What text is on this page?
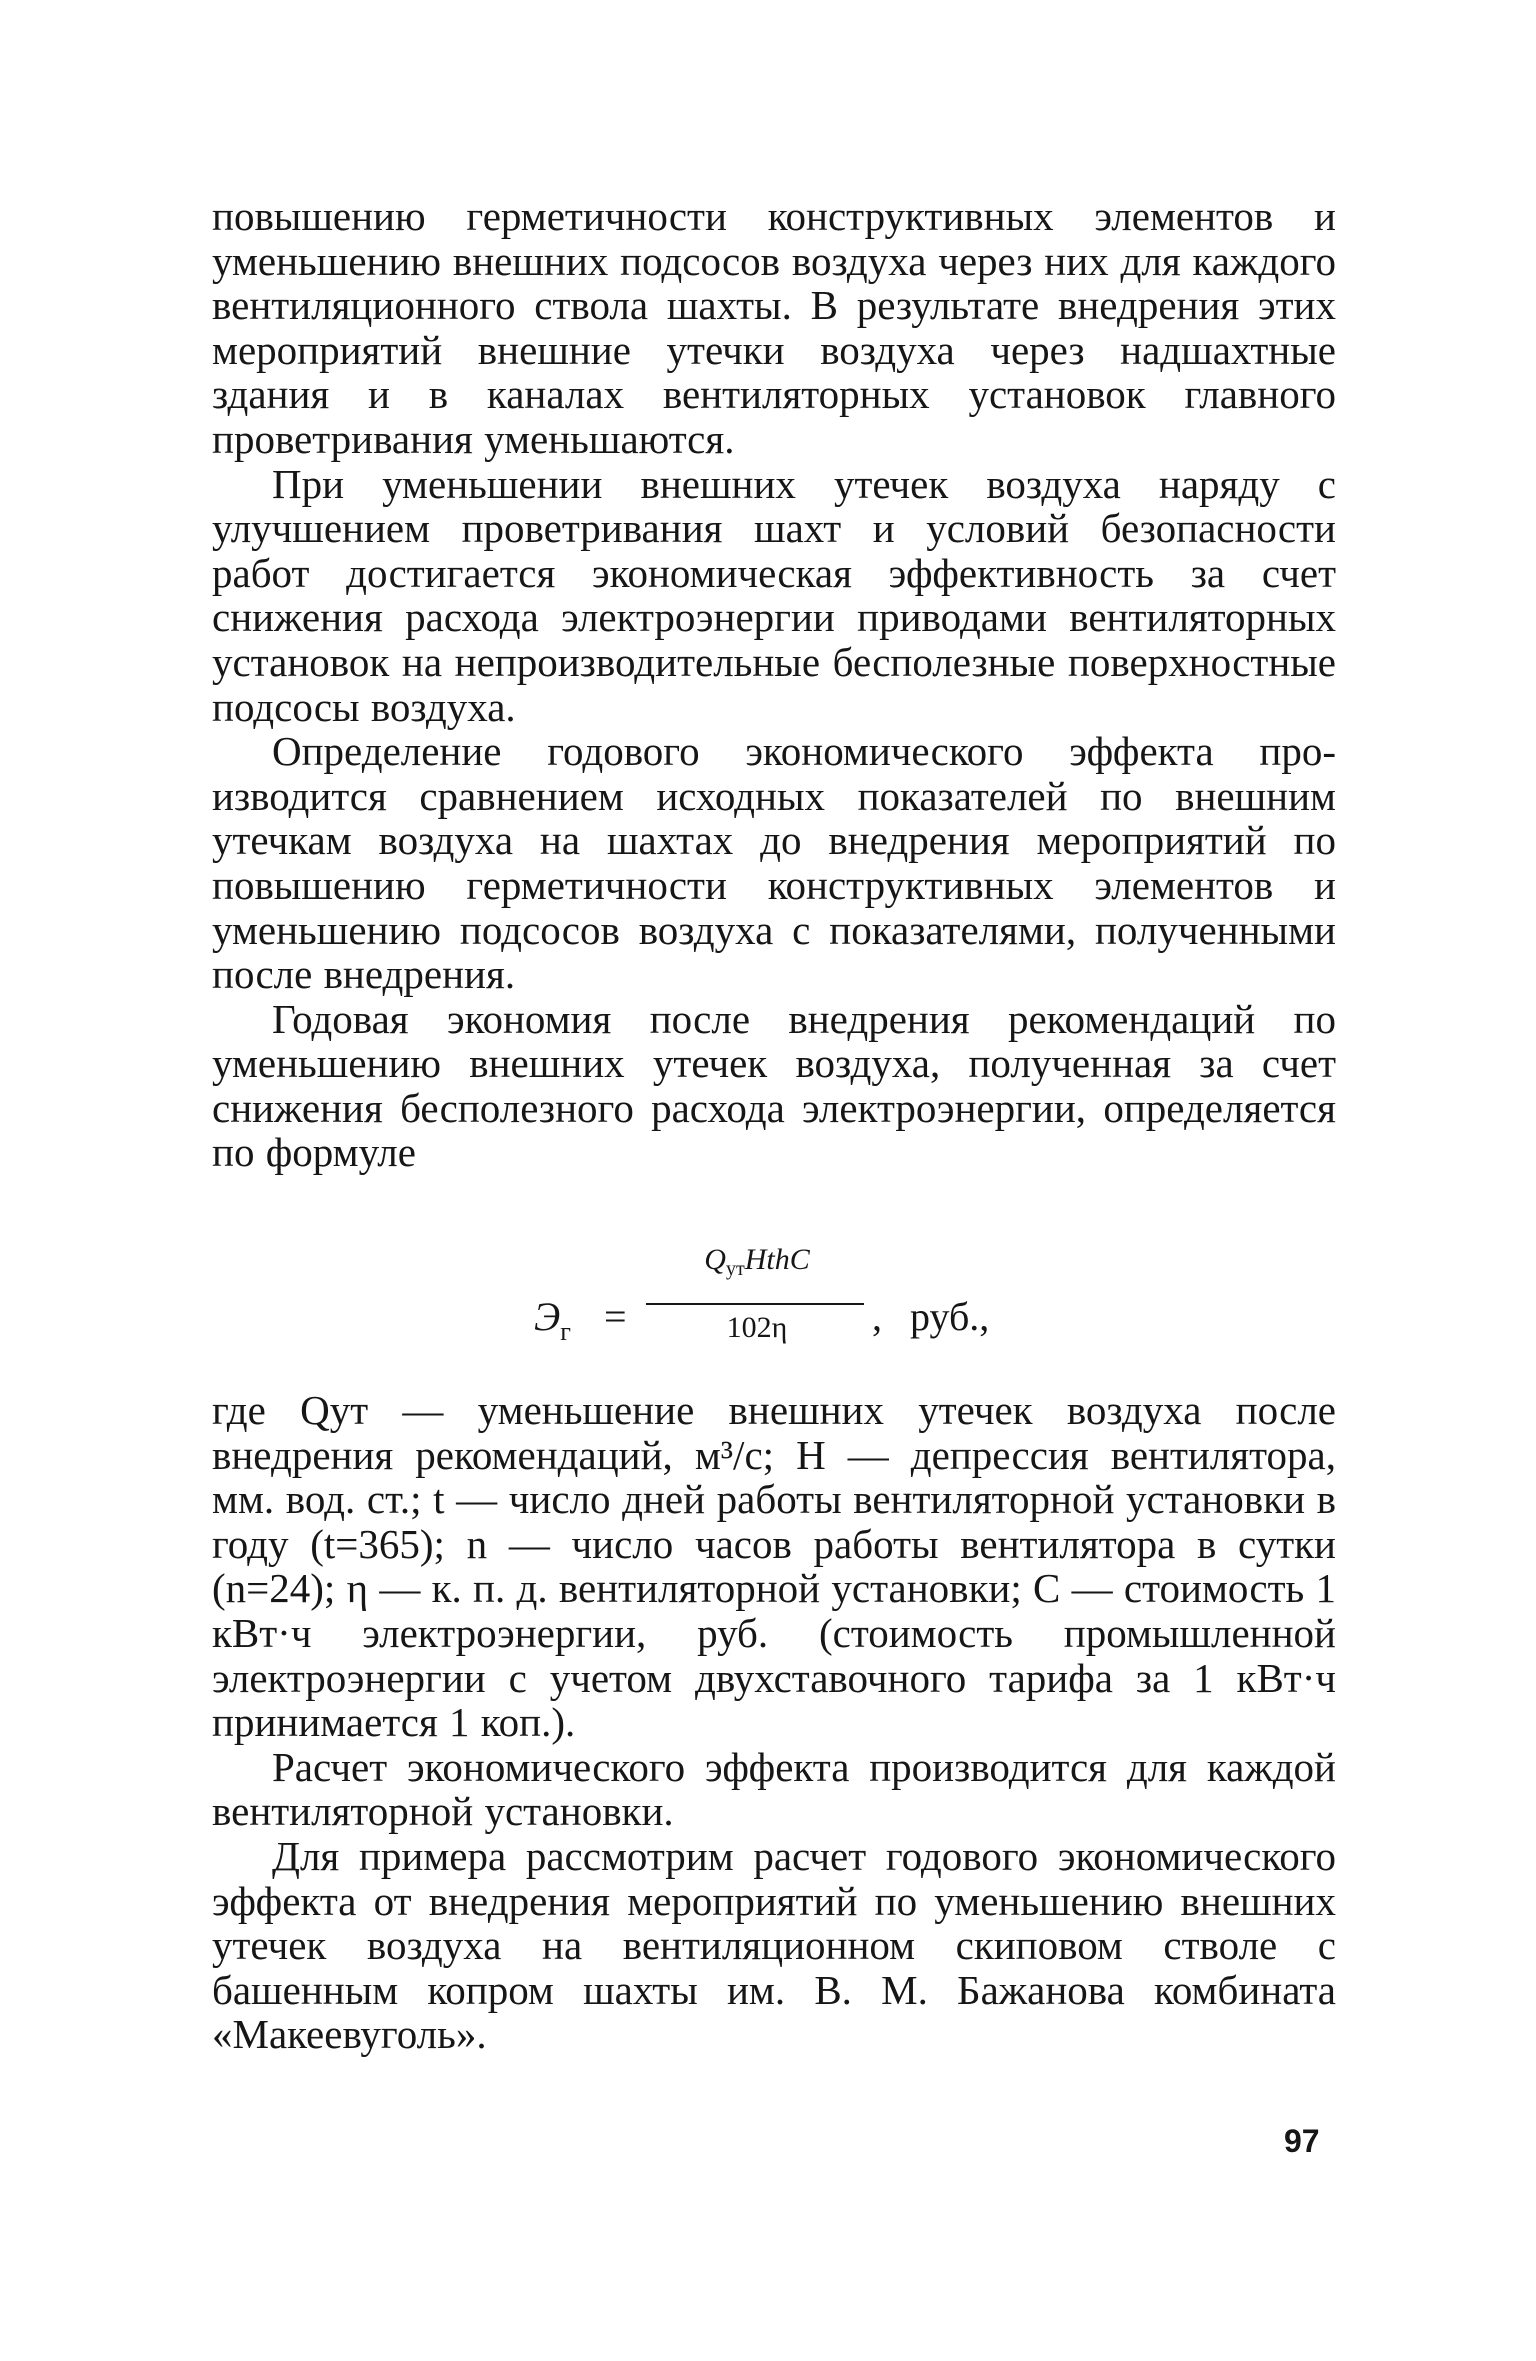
повышению герметичности конструктивных элементов и уменьшению внешних подсосов воздуха через них для каждого вентиляционного ствола шахты. В результате внедрения этих мероприятий внешние утечки воздуха через надшахтные здания и в каналах вентиляторных установок главного проветривания уменьшаются.

При уменьшении внешних утечек воздуха наряду с улучшением проветривания шахт и условий безопасности работ достигается экономическая эффективность за счет снижения расхода электроэнергии приводами вентиляторных установок на непроизводительные бесполезные поверхностные подсосы воздуха.

Определение годового экономического эффекта производится сравнением исходных показателей по внешним утечкам воздуха на шахтах до внедрения мероприятий по повышению герметичности конструктивных элементов и уменьшению подсосов воздуха с показателями, полученными после внедрения.

Годовая экономия после внедрения рекомендаций по уменьшению внешних утечек воздуха, полученная за счет снижения бесполезного расхода электроэнергии, определяется по формуле

$Э_г$ =
$Q_{ут}HthC$
102η	, руб.,

где Qут — уменьшение внешних утечек воздуха после внедрения рекомендаций, м³/с; H — депрессия вентилятора, мм. вод. ст.; t — число дней работы вентиляторной установки в году (t=365); n — число часов работы вентилятора в сутки (n=24); η — к. п. д. вентиляторной установки; C — стоимость 1 кВт·ч электроэнергии, руб. (стоимость промышленной электроэнергии с учетом двухставочного тарифа за 1 кВт·ч принимается 1 коп.).

Расчет экономического эффекта производится для каждой вентиляторной установки.

Для примера рассмотрим расчет годового экономического эффекта от внедрения мероприятий по уменьшению внешних утечек воздуха на вентиляционном скиповом стволе с башенным копром шахты им. В. М. Бажанова комбината «Макеевуголь».

97
